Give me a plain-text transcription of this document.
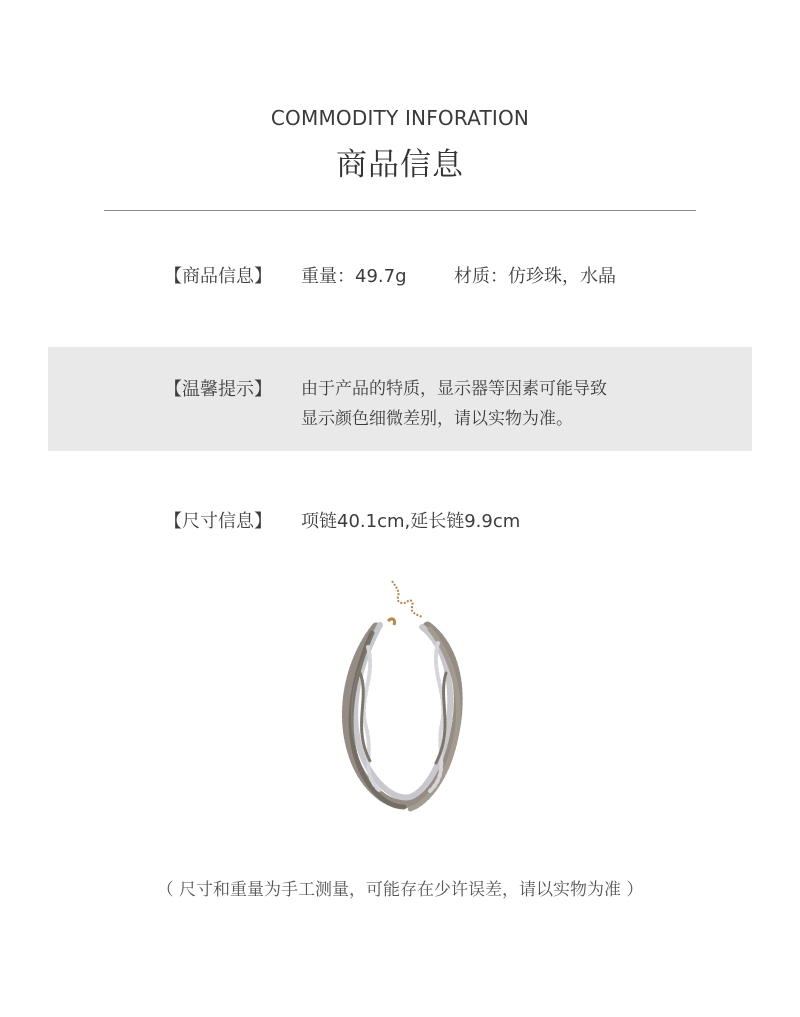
COMMODITY INFORATION
商品信息
【商品信息】 重量：49.7g	材质：仿珍珠，水晶
【温馨提示】 由于产品的特质，显示器等因素可能导致
显示颜色细微差别，请以实物为准。
【尺寸信息】 项链40.1cm,延长链9.9cm
（ 尺寸和重量为手工测量，可能存在少许误差，请以实物为准 ）
